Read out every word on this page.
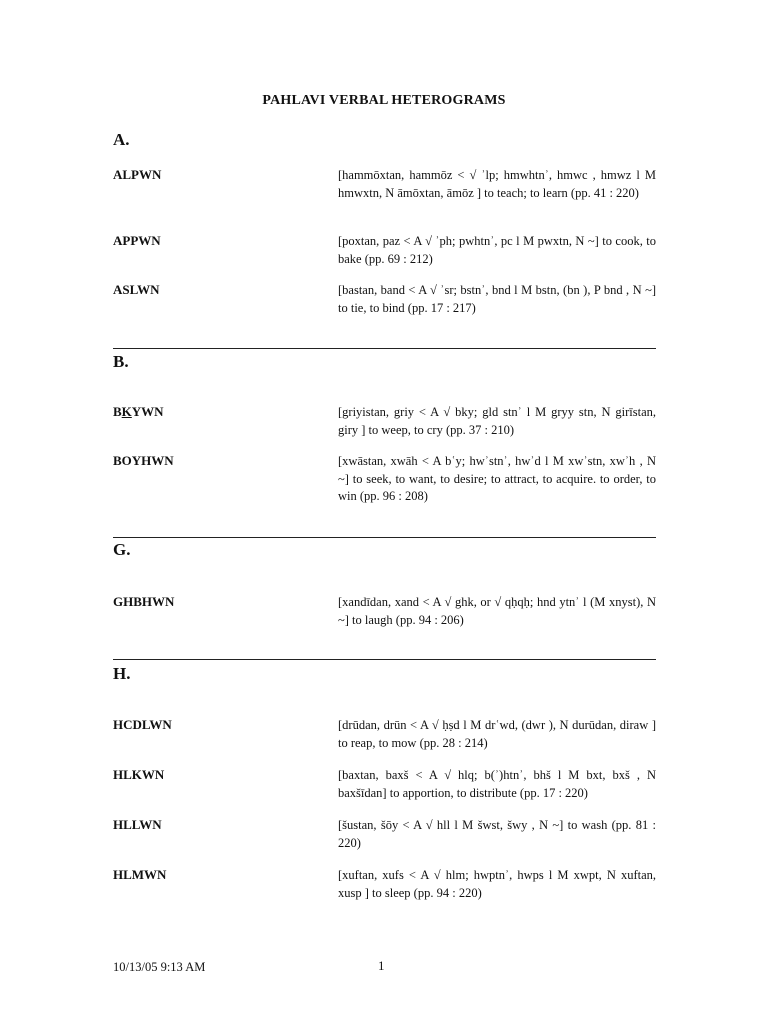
PAHLAVI VERBAL HETEROGRAMS
A.
ALPWN	[hammōxtan, hammōz < √ ʾlp; hmwhtnʾ, hmwc , hmwz l M hmwxtn, N āmōxtan, āmōz ] to teach; to learn (pp. 41 : 220)
APPWN	[poxtan, paz < A √ ʾph; pwhtnʾ, pc l M pwxtn, N ~] to cook, to bake (pp. 69 : 212)
ASLWN	[bastan, band < A √ ʾsr; bstnʾ, bnd l M bstn, (bn ), P bnd , N ~] to tie, to bind (pp. 17 : 217)
B.
BKYWN	[griyistan, griy < A √ bky; gld stnʾ l M gryy stn, N girīstan, giry ] to weep, to cry (pp. 37 : 210)
BOYHWN	[xwāstan, xwāh < A bʿy; hwʾstnʾ, hwʾd l M xwʾstn, xwʾh , N ~] to seek, to want, to desire; to attract, to acquire. to order, to win (pp. 96 : 208)
G.
GHBHWN	[xandīdan, xand < A √ ghk, or √ qḥqḥ; hnd ytnʾ l (M xnyst), N ~] to laugh (pp. 94 : 206)
H.
HCDLWN	[drūdan, drūn < A √ ḥṣd l M drʿwd, (dwr ), N durūdan, diraw ] to reap, to mow (pp. 28 : 214)
HLKWN	[baxtan, baxš < A √ hlq; b(ʾ)htnʾ, bhš l M bxt, bxš , N baxšīdan] to apportion, to distribute (pp. 17 : 220)
HLLWN	[šustan, šōy < A √ hll l M šwst, šwy , N ~] to wash (pp. 81 : 220)
HLMWN	[xuftan, xufs < A √ hlm; hwptnʾ, hwps l M xwpt, N xuftan, xusp ] to sleep (pp. 94 : 220)
10/13/05 9:13 AM	1
